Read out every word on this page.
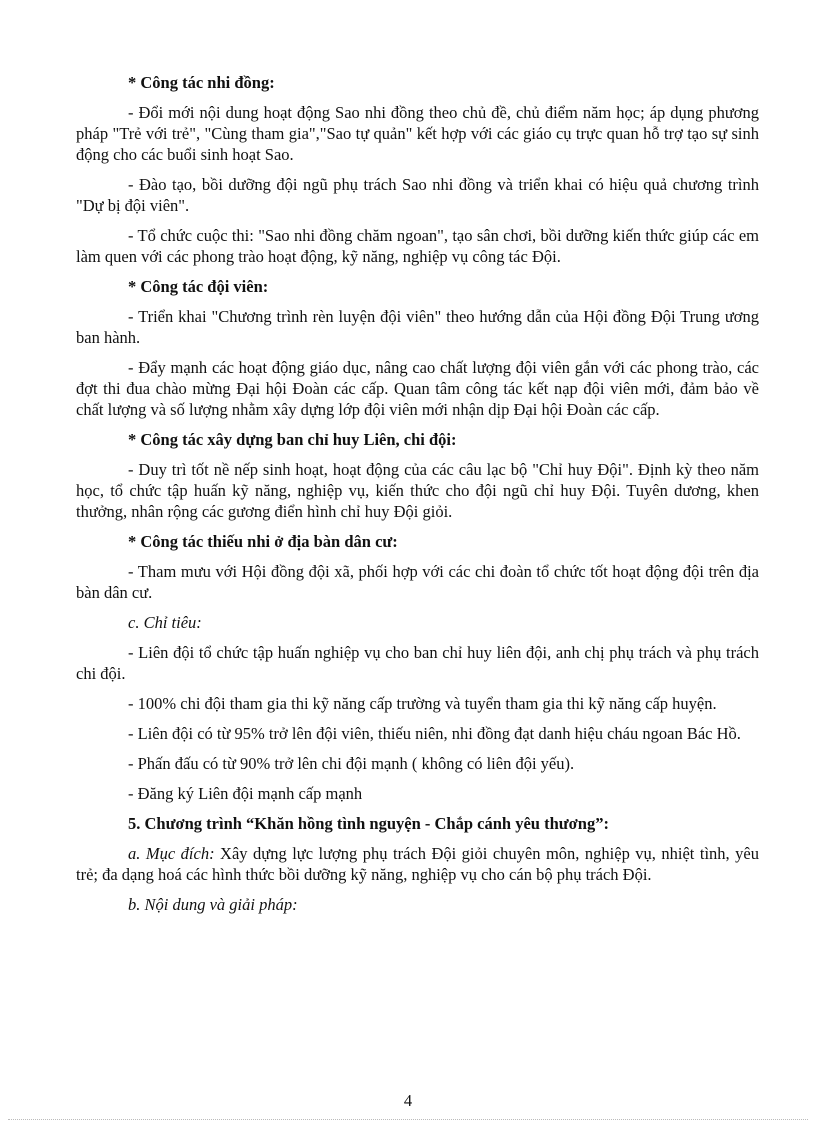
* Công tác nhi đồng:

- Đổi mới nội dung hoạt động Sao nhi đồng theo chủ đề, chủ điểm năm học; áp dụng phương pháp "Trẻ với trẻ", "Cùng tham gia","Sao tự quản" kết hợp với các giáo cụ trực quan hỗ trợ tạo sự sinh động cho các buổi sinh hoạt Sao.

- Đào tạo, bồi dưỡng đội ngũ phụ trách Sao nhi đồng và triển khai có hiệu quả chương trình "Dự bị đội viên".

- Tổ chức cuộc thi: "Sao nhi đồng chăm ngoan", tạo sân chơi, bồi dưỡng kiến thức giúp các em làm quen với các phong trào hoạt động, kỹ năng, nghiệp vụ công tác Đội.

* Công tác đội viên:

- Triển khai "Chương trình rèn luyện đội viên" theo hướng dẫn của Hội đồng Đội Trung ương ban hành.

- Đẩy mạnh các hoạt động giáo dục, nâng cao chất lượng đội viên gắn với các phong trào, các đợt thi đua chào mừng Đại hội Đoàn các cấp. Quan tâm công tác kết nạp đội viên mới, đảm bảo về chất lượng và số lượng nhằm xây dựng lớp đội viên mới nhận dịp Đại hội Đoàn các cấp.

* Công tác xây dựng ban chỉ huy Liên, chi đội:

- Duy trì tốt nề nếp sinh hoạt, hoạt động của các câu lạc bộ "Chỉ huy Đội". Định kỳ theo năm học, tổ chức tập huấn kỹ năng, nghiệp vụ, kiến thức cho đội ngũ chỉ huy Đội. Tuyên dương, khen thưởng, nhân rộng các gương điển hình chỉ huy Đội giỏi.

* Công tác thiếu nhi ở địa bàn dân cư:

- Tham mưu với Hội đồng đội xã, phối hợp với các chi đoàn tổ chức tốt hoạt động đội trên địa bàn dân cư.

c. Chỉ tiêu:

- Liên đội tổ chức tập huấn nghiệp vụ cho ban chỉ huy liên đội, anh chị phụ trách và phụ trách chi đội.

- 100% chi đội tham gia thi kỹ năng cấp trường và tuyển tham gia thi kỹ năng cấp huyện.

- Liên đội có từ 95% trở lên đội viên, thiếu niên, nhi đồng đạt danh hiệu cháu ngoan Bác Hồ.

- Phấn đấu có từ 90% trở lên chi đội mạnh ( không có liên đội yếu).

- Đăng ký Liên đội mạnh cấp mạnh

5. Chương trình “Khăn hồng tình nguyện - Chắp cánh yêu thương”:

a. Mục đích: Xây dựng lực lượng phụ trách Đội giỏi chuyên môn, nghiệp vụ, nhiệt tình, yêu trẻ; đa dạng hoá các hình thức bồi dưỡng kỹ năng, nghiệp vụ cho cán bộ phụ trách Đội.

b. Nội dung và giải pháp:

4
